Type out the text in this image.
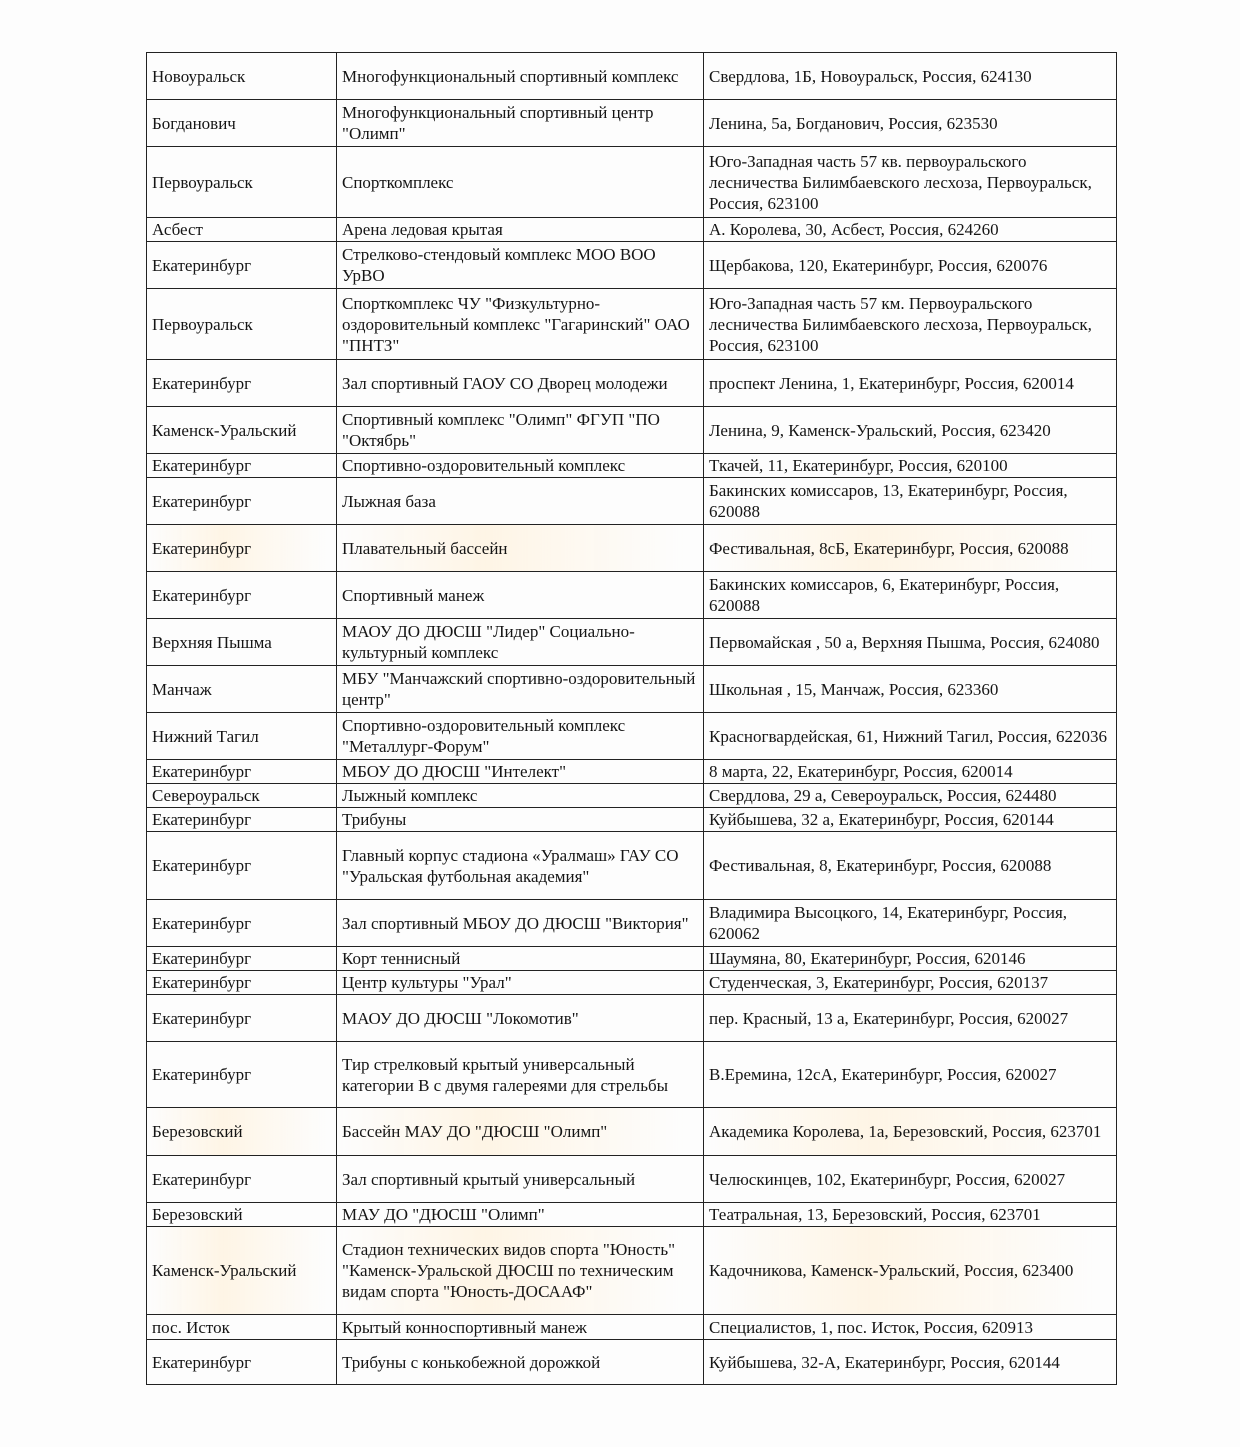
Новоуральск	Многофункциональный спортивный комплекс	Свердлова, 1Б, Новоуральск, Россия, 624130
Богданович	Многофункциональный спортивный центр "Олимп"	Ленина, 5а, Богданович, Россия, 623530
Первоуральск	Спорткомплекс	Юго-Западная часть 57 кв. первоуральского лесничества Билимбаевского лесхоза, Первоуральск, Россия, 623100
Асбест	Арена ледовая крытая	А. Королева, 30, Асбест, Россия, 624260
Екатеринбург	Стрелково-стендовый комплекс МОО ВОО УрВО	Щербакова, 120, Екатеринбург, Россия, 620076
Первоуральск	Спорткомплекс ЧУ "Физкультурно-оздоровительный комплекс "Гагаринский" ОАО "ПНТЗ"	Юго-Западная часть 57 км. Первоуральского лесничества Билимбаевского лесхоза, Первоуральск, Россия, 623100
Екатеринбург	Зал спортивный ГАОУ СО Дворец молодежи	проспект Ленина, 1, Екатеринбург, Россия, 620014
Каменск-Уральский	Спортивный комплекс "Олимп" ФГУП "ПО "Октябрь"	Ленина, 9, Каменск-Уральский, Россия, 623420
Екатеринбург	Спортивно-оздоровительный комплекс	Ткачей, 11, Екатеринбург, Россия, 620100
Екатеринбург	Лыжная база	Бакинских комиссаров, 13, Екатеринбург, Россия, 620088
Екатеринбург	Плавательный бассейн	Фестивальная, 8сБ, Екатеринбург, Россия, 620088
Екатеринбург	Спортивный манеж	Бакинских комиссаров, 6, Екатеринбург, Россия, 620088
Верхняя Пышма	МАОУ ДО ДЮСШ "Лидер" Социально-культурный комплекс	Первомайская , 50 а, Верхняя Пышма, Россия, 624080
Манчаж	МБУ "Манчажский спортивно-оздоровительный центр"	Школьная , 15, Манчаж, Россия, 623360
Нижний Тагил	Спортивно-оздоровительный комплекс "Металлург-Форум"	Красногвардейская, 61, Нижний Тагил, Россия, 622036
Екатеринбург	МБОУ ДО ДЮСШ "Интелект"	8 марта, 22, Екатеринбург, Россия, 620014
Североуральск	Лыжный комплекс	Свердлова, 29 а, Североуральск, Россия, 624480
Екатеринбург	Трибуны	Куйбышева, 32 а, Екатеринбург, Россия, 620144
Екатеринбург	Главный корпус стадиона «Уралмаш» ГАУ СО "Уральская футбольная академия"	Фестивальная, 8, Екатеринбург, Россия, 620088
Екатеринбург	Зал спортивный МБОУ ДО ДЮСШ "Виктория"	Владимира Высоцкого, 14, Екатеринбург, Россия, 620062
Екатеринбург	Корт теннисный	Шаумяна, 80, Екатеринбург, Россия, 620146
Екатеринбург	Центр культуры "Урал"	Студенческая, 3, Екатеринбург, Россия, 620137
Екатеринбург	МАОУ ДО ДЮСШ "Локомотив"	пер. Красный, 13 а, Екатеринбург, Россия, 620027
Екатеринбург	Тир стрелковый крытый универсальный категории В с двумя галереями для стрельбы	В.Еремина, 12сА, Екатеринбург, Россия, 620027
Березовский	Бассейн МАУ ДО "ДЮСШ "Олимп"	Академика Королева, 1а, Березовский, Россия, 623701
Екатеринбург	Зал спортивный крытый универсальный	Челюскинцев, 102, Екатеринбург, Россия, 620027
Березовский	МАУ ДО "ДЮСШ "Олимп"	Театральная, 13, Березовский, Россия, 623701
Каменск-Уральский	Стадион технических видов спорта "Юность" "Каменск-Уральской ДЮСШ по техническим видам спорта "Юность-ДОСААФ"	Кадочникова, Каменск-Уральский, Россия, 623400
пос. Исток	Крытый конноспортивный манеж	Специалистов, 1, пос. Исток, Россия, 620913
Екатеринбург	Трибуны с конькобежной дорожкой	Куйбышева, 32-А, Екатеринбург, Россия, 620144
